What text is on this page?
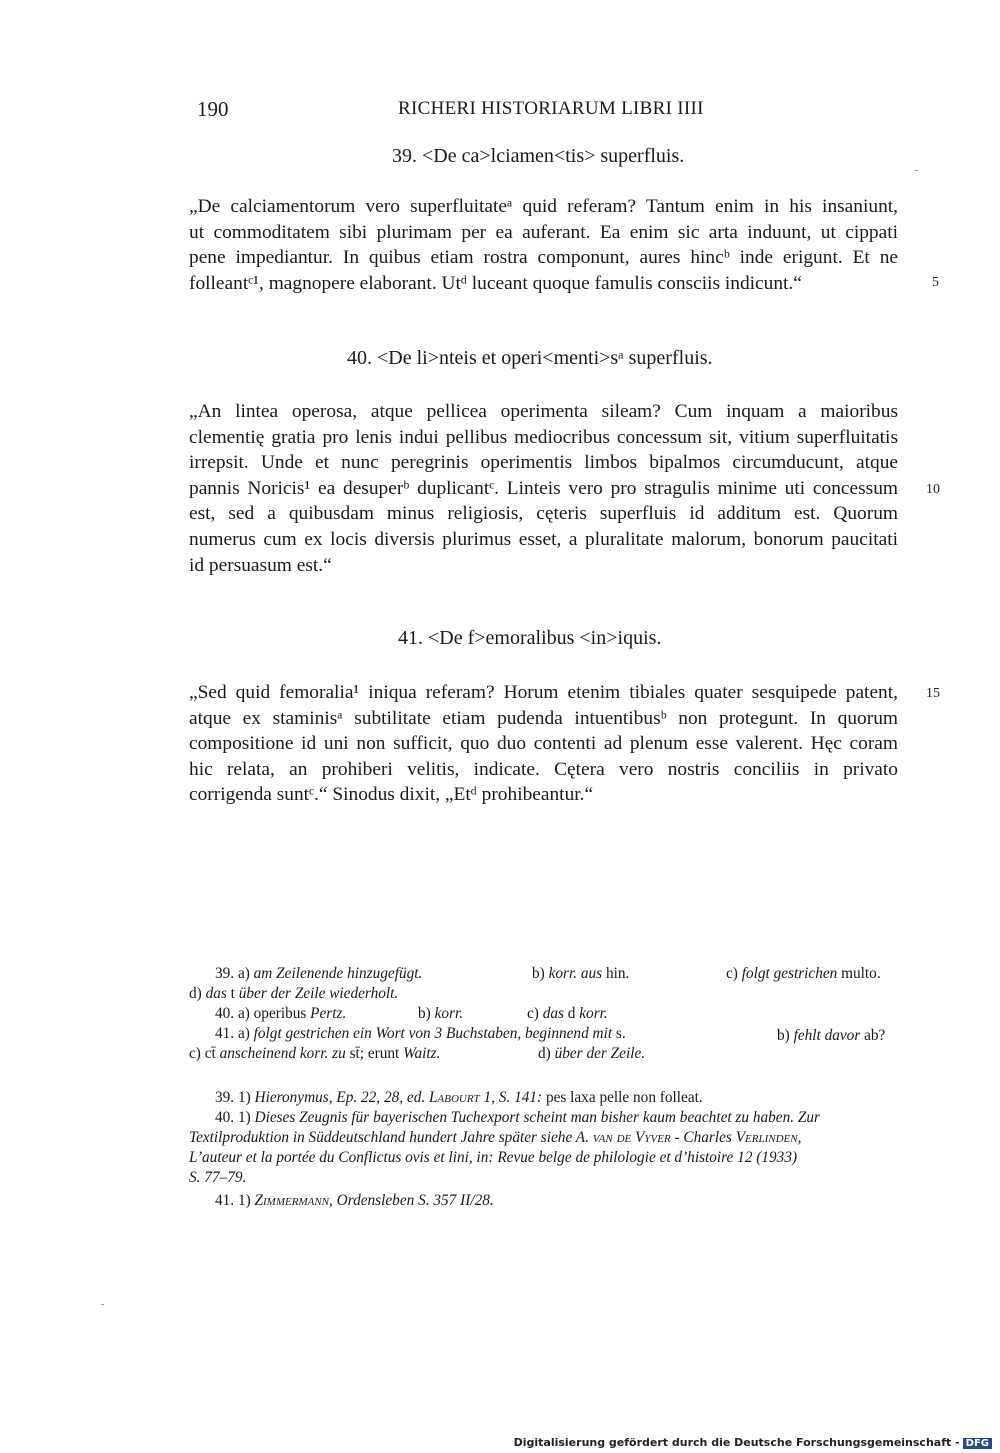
190	RICHERI HISTORIARUM LIBRI IIII
39. <De ca>lciamen<tis> superfluis.
„De calciamentorum vero superfluitateᵃ quid referam? Tantum enim in his insaniunt,
ut commoditatem sibi plurimam per ea auferant. Ea enim sic arta induunt, ut cippati
pene impediantur. In quibus etiam rostra componunt, aures hincᵇ inde erigunt. Et ne
folleantᶜ¹, magnopere elaborant. Utᵈ luceant quoque famulis consciis indicunt.“	5
40. <De li>nteis et operi<menti>sᵃ superfluis.
„An lintea operosa, atque pellicea operimenta sileam? Cum inquam a maioribus
clementię gratia pro lenis indui pellibus mediocribus concessum sit, vitium superfluitatis
irrepsit. Unde et nunc peregrinis operimentis limbos bipalmos circumducunt, atque
pannis Noricis¹ ea desuperᵇ duplicantᶜ. Linteis vero pro stragulis minime uti concessum
est, sed a quibusdam minus religiosis, cęteris superfluis id additum est. Quorum
numerus cum ex locis diversis plurimus esset, a pluralitate malorum, bonorum paucitati
id persuasum est.“
10
41. <De f>emoralibus <in>iquis.
„Sed quid femoralia¹ iniqua referam? Horum etenim tibiales quater sesquipede patent,
atque ex staminisᵃ subtilitate etiam pudenda intuentibusᵇ non protegunt. In quorum
compositione id uni non sufficit, quo duo contenti ad plenum esse valerent. Hęc coram
hic relata, an prohiberi velitis, indicate. Cętera vero nostris conciliis in privato
corrigenda suntᶜ.“ Sinodus dixit, „Etᵈ prohibeantur.“
15
39. a) am Zeilenende hinzugefügt.	b) korr. aus hin.	c) folgt gestrichen multo.
d) das t über der Zeile wiederholt.
40. a) operibus Pertz.	b) korr.	c) das d korr.
41. a) folgt gestrichen ein Wort von 3 Buchstaben, beginnend mit s.	b) fehlt davor ab?
c) ct̄ anscheinend korr. zu st̄; erunt Waitz.	d) über der Zeile.
39. 1) Hieronymus, Ep. 22, 28, ed. Labourt 1, S. 141: pes laxa pelle non folleat.
40. 1) Dieses Zeugnis für bayerischen Tuchexport scheint man bisher kaum beachtet zu haben. Zur
Textilproduktion in Süddeutschland hundert Jahre später siehe A. van de Vyver - Charles Verlinden,
L’auteur et la portée du Conflictus ovis et lini, in: Revue belge de philologie et d’histoire 12 (1933)
S. 77–79.
41. 1) Zimmermann, Ordensleben S. 357 II/28.
Digitalisierung gefördert durch die Deutsche Forschungsgemeinschaft - DFG
